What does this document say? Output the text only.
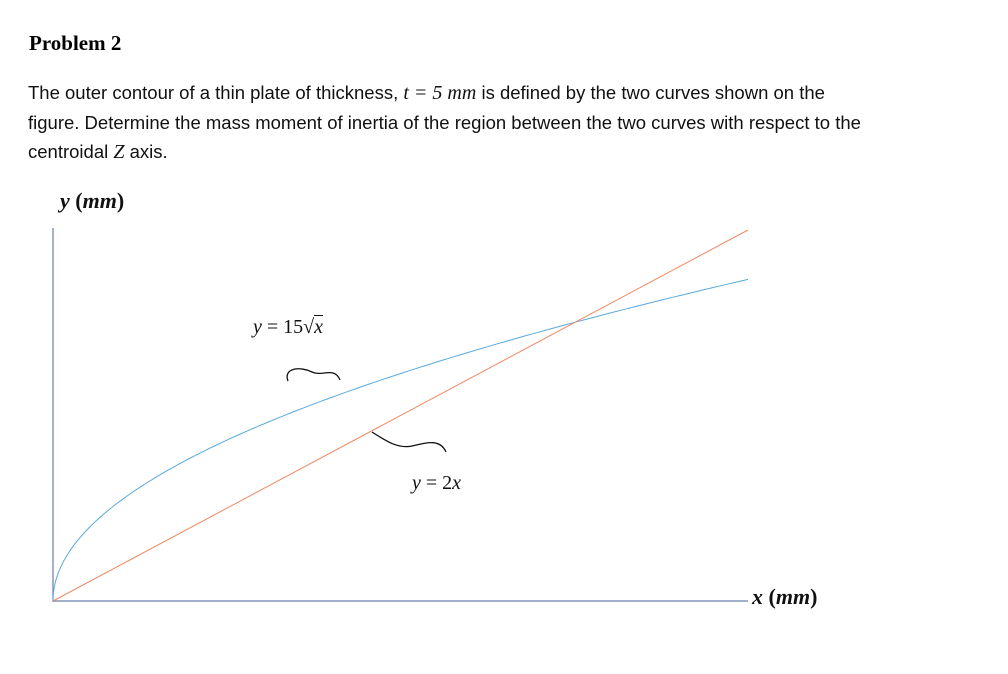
Problem 2
The outer contour of a thin plate of thickness, t = 5 mm is defined by the two curves shown on the
figure. Determine the mass moment of inertia of the region between the two curves with respect to the
centroidal Z axis.
y (mm)
x (mm)
y = 15√x
y = 2x
